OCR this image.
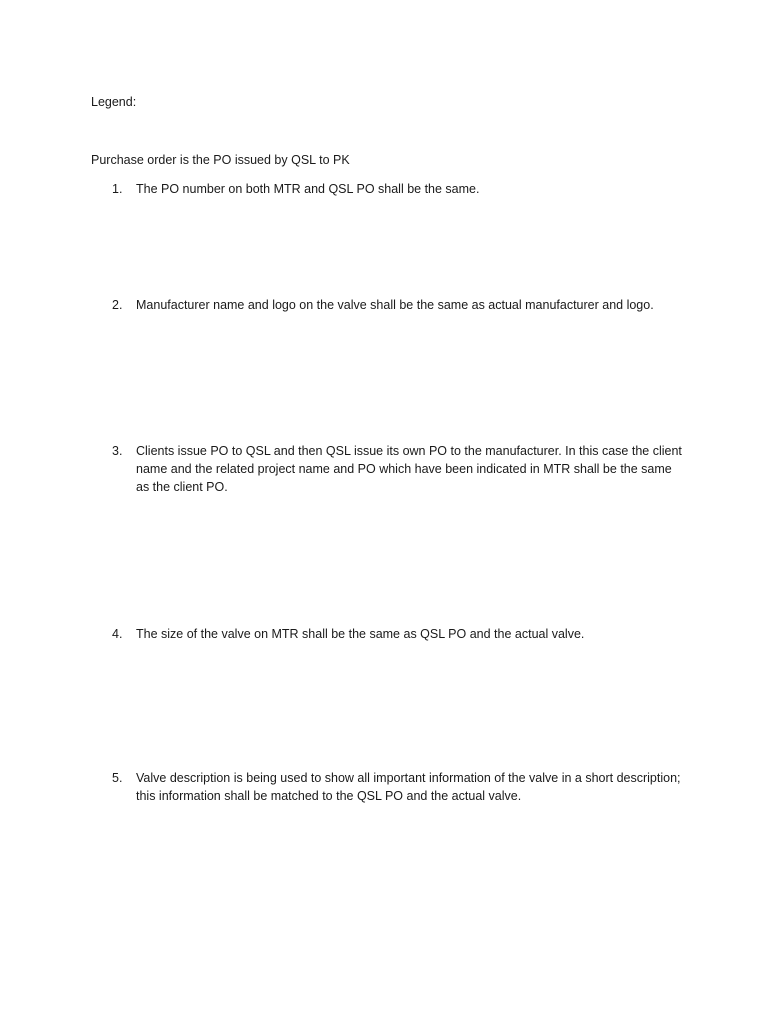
Legend:

Purchase order is the PO issued by QSL to PK

1.	The PO number on both MTR and QSL PO shall be the same.
2.	Manufacturer name and logo on the valve shall be the same as actual manufacturer and logo.
3.	Clients issue PO to QSL and then QSL issue its own PO to the manufacturer. In this case the client name and the related project name and PO which have been indicated in MTR shall be the same as the client PO.
4.	The size of the valve on MTR shall be the same as QSL PO and the actual valve.
5.	Valve description is being used to show all important information of the valve in a short description; this information shall be matched to the QSL PO and the actual valve.
